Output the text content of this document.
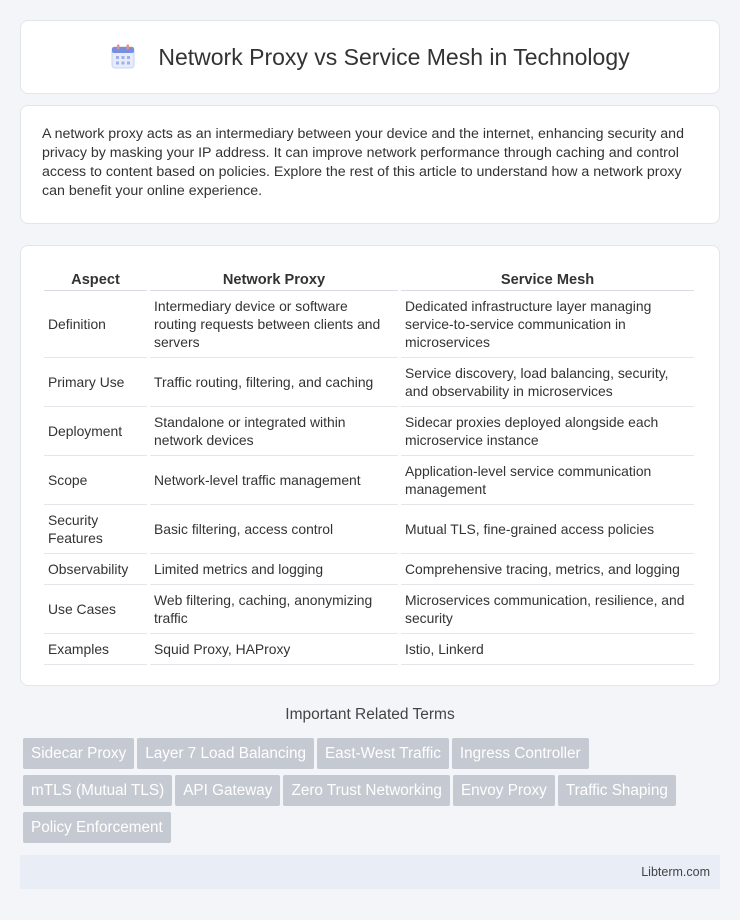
Network Proxy vs Service Mesh in Technology

A network proxy acts as an intermediary between your device and the internet, enhancing security and privacy by masking your IP address. It can improve network performance through caching and control access to content based on policies. Explore the rest of this article to understand how a network proxy can benefit your online experience.

Aspect	Network Proxy	Service Mesh
Definition	Intermediary device or software routing requests between clients and servers	Dedicated infrastructure layer managing service-to-service communication in microservices
Primary Use	Traffic routing, filtering, and caching	Service discovery, load balancing, security, and observability in microservices
Deployment	Standalone or integrated within network devices	Sidecar proxies deployed alongside each microservice instance
Scope	Network-level traffic management	Application-level service communication management
Security Features	Basic filtering, access control	Mutual TLS, fine-grained access policies
Observability	Limited metrics and logging	Comprehensive tracing, metrics, and logging
Use Cases	Web filtering, caching, anonymizing traffic	Microservices communication, resilience, and security
Examples	Squid Proxy, HAProxy	Istio, Linkerd
Important Related Terms
Sidecar Proxy Layer 7 Load Balancing East-West Traffic Ingress ControllermTLS (Mutual TLS) API Gateway Zero Trust Networking Envoy Proxy Traffic ShapingPolicy Enforcement
Libterm.com
